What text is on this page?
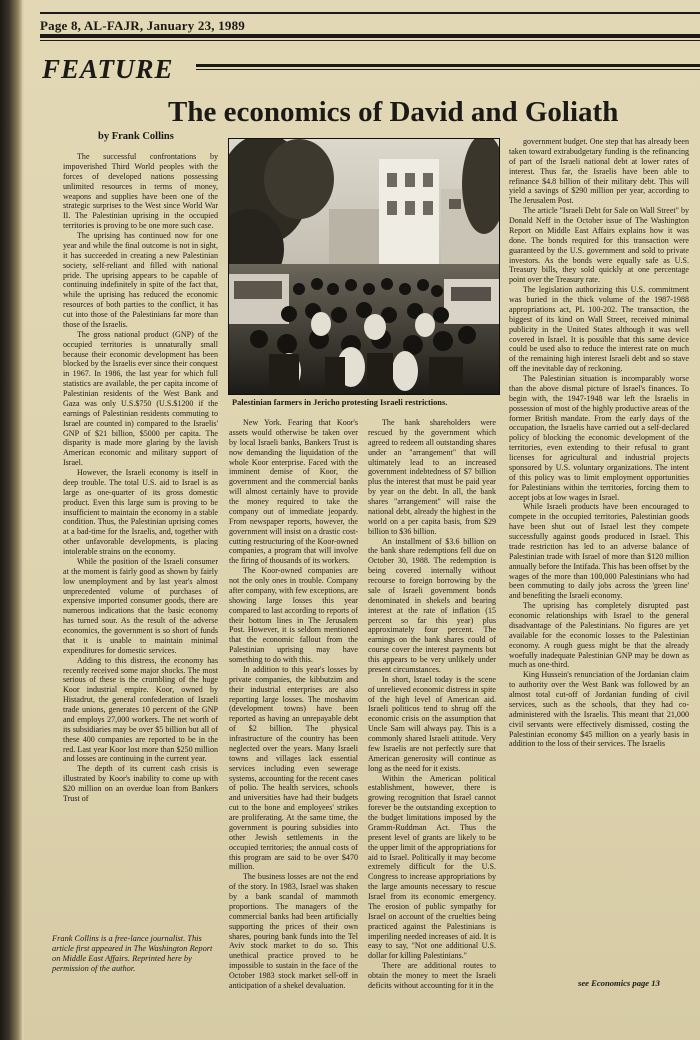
Page 8, AL-FAJR, January 23, 1989
FEATURE
The economics of David and Goliath
by Frank Collins

The successful confrontations by impoverished Third World peoples with the forces of developed nations possessing unlimited resources in terms of money, weapons and supplies have been one of the strategic surprises to the West since World War II. The Palestinian uprising in the occupied territories is proving to be one more such case.

The uprising has continued now for one year and while the final outcome is not in sight, it has succeeded in creating a new Palestinian society, self-reliant and filled with national pride. The uprising appears to be capable of continuing indefinitely in spite of the fact that, while the uprising has reduced the economic resources of both parties to the conflict, it has cut into those of the Palestinians far more than those of the Israelis.

The gross national product (GNP) of the occupied territories is unnaturally small because their economic development has been blocked by the Israelis ever since their conquest in 1967. In 1986, the last year for which full statistics are available, the per capita income of Palestinian residents of the West Bank and Gaza was only U.S.$750 (U.S.$1200 if the earnings of Palestinian residents commuting to Israel are counted in) compared to the Israelis' GNP of $21 billion, $5000 per capita. The disparity is made more glaring by the lavish American economic and military support of Israel.

However, the Israeli economy is itself in deep trouble. The total U.S. aid to Israel is as large as one-quarter of its gross domestic product. Even this large sum is proving to be insufficient to maintain the economy in a stable condition. Thus, the Palestinian uprising comes at a bad-time for the Israelis, and, together with other unfavorable developments, is placing intolerable strains on the economy.

While the position of the Israeli consumer at the moment is fairly good as shown by fairly low unemployment and by last year's almost unprecedented volume of purchases of expensive imported consumer goods, there are numerous indications that the basic economy has turned sour. As the result of the adverse economics, the government is so short of funds that it is unable to maintain minimal expenditures for domestic services.

Adding to this distress, the economy has recently received some major shocks. The most serious of these is the crumbling of the huge Koor industrial empire. Koor, owned by Histadrut, the general confederation of Israeli trade unions, generates 10 percent of the GNP and employs 27,000 workers. The net worth of its subsidiaries may be over $5 billion but all of these 400 companies are reported to be in the red. Last year Koor lost more than $250 million and losses are continuing in the current year.

The depth of its current cash crisis is illustrated by Koor's inability to come up with $20 million on an overdue loan from Bankers Trust of

Palestinian farmers in Jericho protesting Israeli restrictions.

New York. Fearing that Koor's assets would otherwise be taken over by local Israeli banks, Bankers Trust is now demanding the liquidation of the whole Koor enterprise. Faced with the imminent demise of Koor, the government and the commercial banks will almost certainly have to provide the money required to take the company out of immediate jeopardy. From newspaper reports, however, the government will insist on a drastic cost-cutting restructuring of the Koor-owned companies, a program that will involve the firing of thousands of its workers.

The Koor-owned companies are not the only ones in trouble. Company after company, with few exceptions, are showing large losses this year compared to last according to reports of their bottom lines in The Jerusalem Post. However, it is seldom mentioned that the economic fallout from the Palestinian uprising may have something to do with this.

In addition to this year's losses by private companies, the kibbutzim and their industrial enterprises are also reporting large losses. The moshavim (development towns) have been reported as having an unrepayable debt of $2 billion. The physical infrastructure of the country has been neglected over the years. Many Israeli towns and villages lack essential services including even sewerage systems, accounting for the recent cases of polio. The health services, schools and universities have had their budgets cut to the bone and employees' strikes are proliferating. At the same time, the government is pouring subsidies into other Jewish settlements in the occupied territories; the annual costs of this program are said to be over $470 million.

The business losses are not the end of the story. In 1983, Israel was shaken by a bank scandal of mammoth proportions. The managers of the commercial banks had been artificially supporting the prices of their own shares, pouring bank funds into the Tel Aviv stock market to do so. This unethical practice proved to be impossible to sustain in the face of the October 1983 stock market sell-off in anticipation of a shekel devaluation.

The bank shareholders were rescued by the government which agreed to redeem all outstanding shares under an "arrangement" that will ultimately lead to an increased government indebtedness of $7 billion plus the interest that must be paid year by year on the debt. In all, the bank shares "arrangement" will raise the national debt, already the highest in the world on a per capita basis, from $29 billion to $36 billion.

An installment of $3.6 billion on the bank share redemptions fell due on October 30, 1988. The redemption is being covered internally without recourse to foreign borrowing by the sale of Israeli government bonds denominated in shekels and bearing interest at the rate of inflation (15 percent so far this year) plus approximately four percent. The earnings on the bank shares could of course cover the interest payments but this appears to be very unlikely under present circumstances.

In short, Israel today is the scene of unrelieved economic distress in spite of the high level of American aid. Israeli politicos tend to shrug off the economic crisis on the assumption that Uncle Sam will always pay. This is a commonly shared Israeli attitude. Very few Israelis are not perfectly sure that American generosity will continue as long as the need for it exists.

Within the American political establishment, however, there is growing recognition that Israel cannot forever be the outstanding exception to the budget limitations imposed by the Gramm-Ruddman Act. Thus the present level of grants are likely to be the upper limit of the appropriations for aid to Israel. Politically it may become extremely difficult for the U.S. Congress to increase appropriations by the large amounts necessary to rescue Israel from its economic emergency. The erosion of public sympathy for Israel on account of the cruelties being practiced against the Palestinians is imperiling needed increases of aid. It is easy to say, "Not one additional U.S. dollar for killing Palestinians."

There are additional routes to obtain the money to meet the Israeli deficits without accounting for it in the

government budget. One step that has already been taken toward extrabudgetary funding is the refinancing of part of the Israeli national debt at lower rates of interest. Thus far, the Israelis have been able to refinance $4.8 billion of their military debt. This will yield a savings of $290 million per year, according to The Jerusalem Post.

The article "Israeli Debt for Sale on Wall Street" by Donald Neff in the October issue of The Washington Report on Middle East Affairs explains how it was done. The bonds required for this transaction were guaranteed by the U.S. government and sold to private investors. As the bonds were equally safe as U.S. Treasury bills, they sold quickly at one percentage point over the Treasury rate.

The legislation authorizing this U.S. commitment was buried in the thick volume of the 1987-1988 appropriations act, PL 100-202. The transaction, the biggest of its kind on Wall Street, received minimal publicity in the United States although it was well covered in Israel. It is possible that this same device could be used also to reduce the interest rate on much of the remaining high interest Israeli debt and so stave off the inevitable day of reckoning.

The Palestinian situation is incomparably worse than the above dismal picture of Israel's finances. To begin with, the 1947-1948 war left the Israelis in possession of most of the highly productive areas of the former British mandate. From the early days of the occupation, the Israelis have carried out a self-declared policy of blocking the economic development of the territories, even extending to their refusal to grant licenses for agricultural and industrial projects sponsored by U.S. voluntary organizations. The intent of this policy was to limit employment opportunities for Palestinians within the territories, forcing them to accept jobs at low wages in Israel.

While Israeli products have been encouraged to compete in the occupied territories, Palestinian goods have been shut out of Israel lest they compete successfully against goods produced in Israel. This trade restriction has led to an adverse balance of Palestinian trade with Israel of more than $120 million annually before the Intifada. This has been offset by the wages of the more than 100,000 Palestinians who had been commuting to daily jobs across the 'green line' and benefiting the Israeli economy.

The uprising has completely disrupted past economic relationships with Israel to the general disadvantage of the Palestinians. No figures are yet available for the economic losses to the Palestinian economy. A rough guess might be that the already woefully inadequate Palestinian GNP may be down as much as one-third.

King Hussein's renunciation of the Jordanian claim to authority over the West Bank was followed by an almost total cut-off of Jordanian funding of civil services, such as the schools, that they had co-administered with the Israelis. This meant that 21,000 civil servants were effectively dismissed, costing the Palestinian economy $45 million on a yearly basis in addition to the loss of their services. The Israelis

Frank Collins is a free-lance journalist. This article first appeared in The Washington Report on Middle East Affairs. Reprinted here by permission of the author.
see Economics page 13
